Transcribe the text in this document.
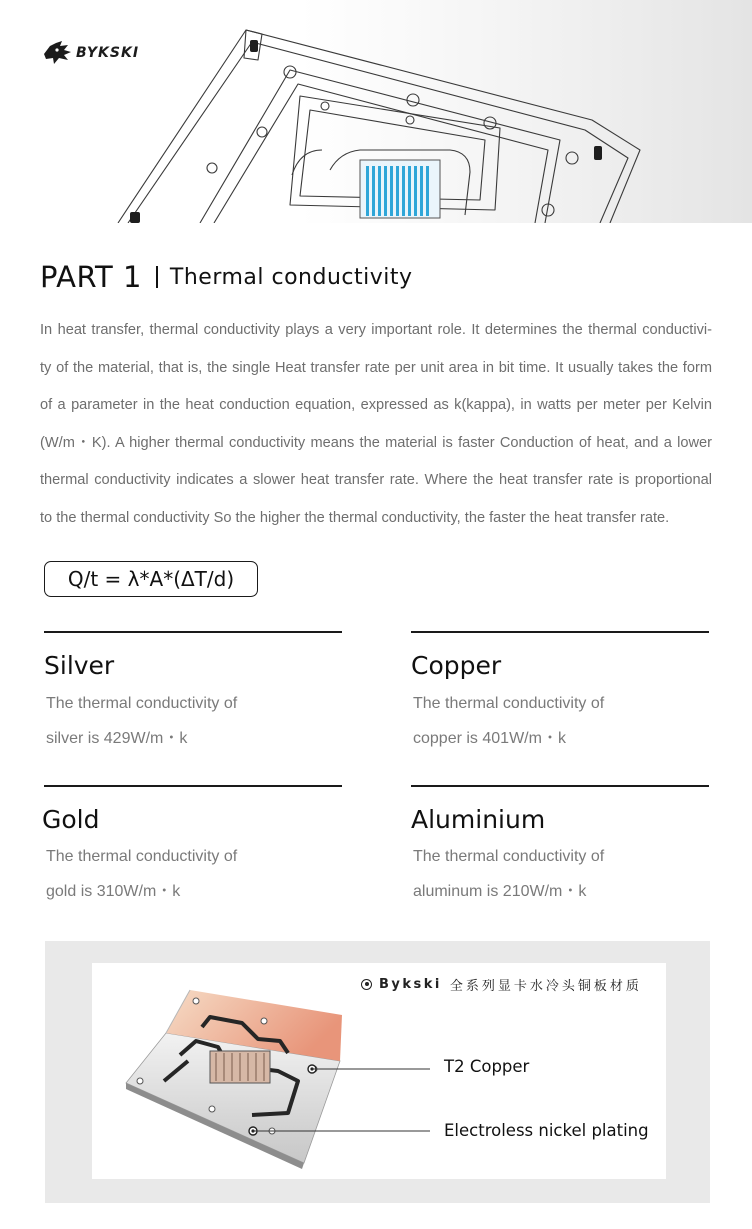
BYKSKI
PART 1 Thermal conductivity
In heat transfer, thermal conductivity plays a very important role. It determines the thermal conductivi-
ty of the material, that is, the single Heat transfer rate per unit area in bit time. It usually takes the form
of a parameter in the heat conduction equation, expressed as k(kappa), in watts per meter per Kelvin
(W/m・K). A higher thermal conductivity means the material is faster Conduction of heat, and a lower
thermal conductivity indicates a slower heat transfer rate. Where the heat transfer rate is proportional
to the thermal conductivity So the higher the thermal conductivity, the faster the heat transfer rate.
Q/t = λ*A*(ΔT/d)
Silver
The thermal conductivity of
silver is 429W/m・k
Copper
The thermal conductivity of
copper is 401W/m・k
Gold
The thermal conductivity of
gold is 310W/m・k
Aluminium
The thermal conductivity of
aluminum is 210W/m・k
Bykski 全系列显卡水冷头铜板材质
T2 Copper
Electroless nickel plating
